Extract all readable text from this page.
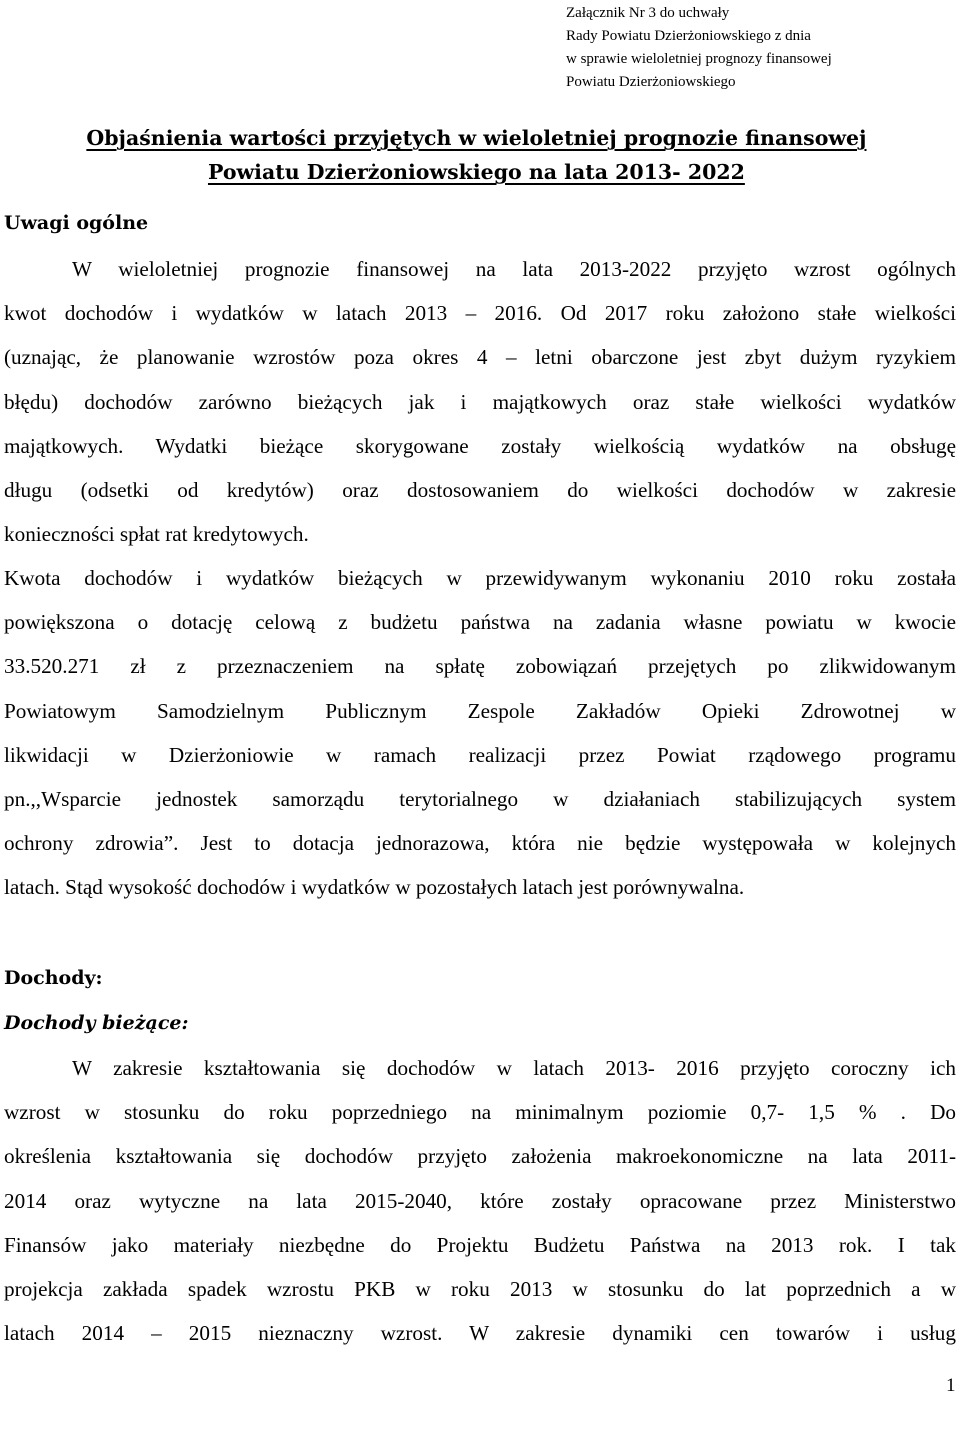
Załącznik Nr 3 do uchwały
Rady Powiatu Dzierżoniowskiego z dnia
w sprawie wieloletniej prognozy finansowej
Powiatu Dzierżoniowskiego
Objaśnienia wartości przyjętych w wieloletniej prognozie finansowej
Powiatu Dzierżoniowskiego na lata 2013- 2022
Uwagi ogólne
W wieloletniej prognozie finansowej na lata 2013-2022 przyjęto wzrost ogólnych
kwot dochodów i wydatków w latach 2013 – 2016. Od 2017 roku założono stałe wielkości
(uznając, że planowanie wzrostów poza okres 4 – letni obarczone jest zbyt dużym ryzykiem
błędu) dochodów zarówno bieżących jak i majątkowych oraz stałe wielkości wydatków
majątkowych. Wydatki bieżące skorygowane zostały wielkością wydatków na obsługę
długu (odsetki od kredytów) oraz dostosowaniem do wielkości dochodów w zakresie
konieczności spłat rat kredytowych.
Kwota dochodów i wydatków bieżących w przewidywanym wykonaniu 2010 roku została
powiększona o dotację celową z budżetu państwa na zadania własne powiatu w kwocie
33.520.271 zł z przeznaczeniem na spłatę zobowiązań przejętych po zlikwidowanym
Powiatowym Samodzielnym Publicznym Zespole Zakładów Opieki Zdrowotnej w
likwidacji w Dzierżoniowie w ramach realizacji przez Powiat rządowego programu
pn.,,Wsparcie jednostek samorządu terytorialnego w działaniach stabilizujących system
ochrony zdrowia”. Jest to dotacja jednorazowa, która nie będzie występowała w kolejnych
latach. Stąd wysokość dochodów i wydatków w pozostałych latach jest porównywalna.
Dochody:
Dochody bieżące:
W zakresie kształtowania się dochodów w latach 2013- 2016 przyjęto coroczny ich
wzrost w stosunku do roku poprzedniego na minimalnym poziomie 0,7- 1,5 % . Do
określenia kształtowania się dochodów przyjęto założenia makroekonomiczne na lata 2011-
2014 oraz wytyczne na lata 2015-2040, które zostały opracowane przez Ministerstwo
Finansów jako materiały niezbędne do Projektu Budżetu Państwa na 2013 rok. I tak
projekcja zakłada spadek wzrostu PKB w roku 2013 w stosunku do lat poprzednich a w
latach 2014 – 2015 nieznaczny wzrost. W zakresie dynamiki cen towarów i usług
1
